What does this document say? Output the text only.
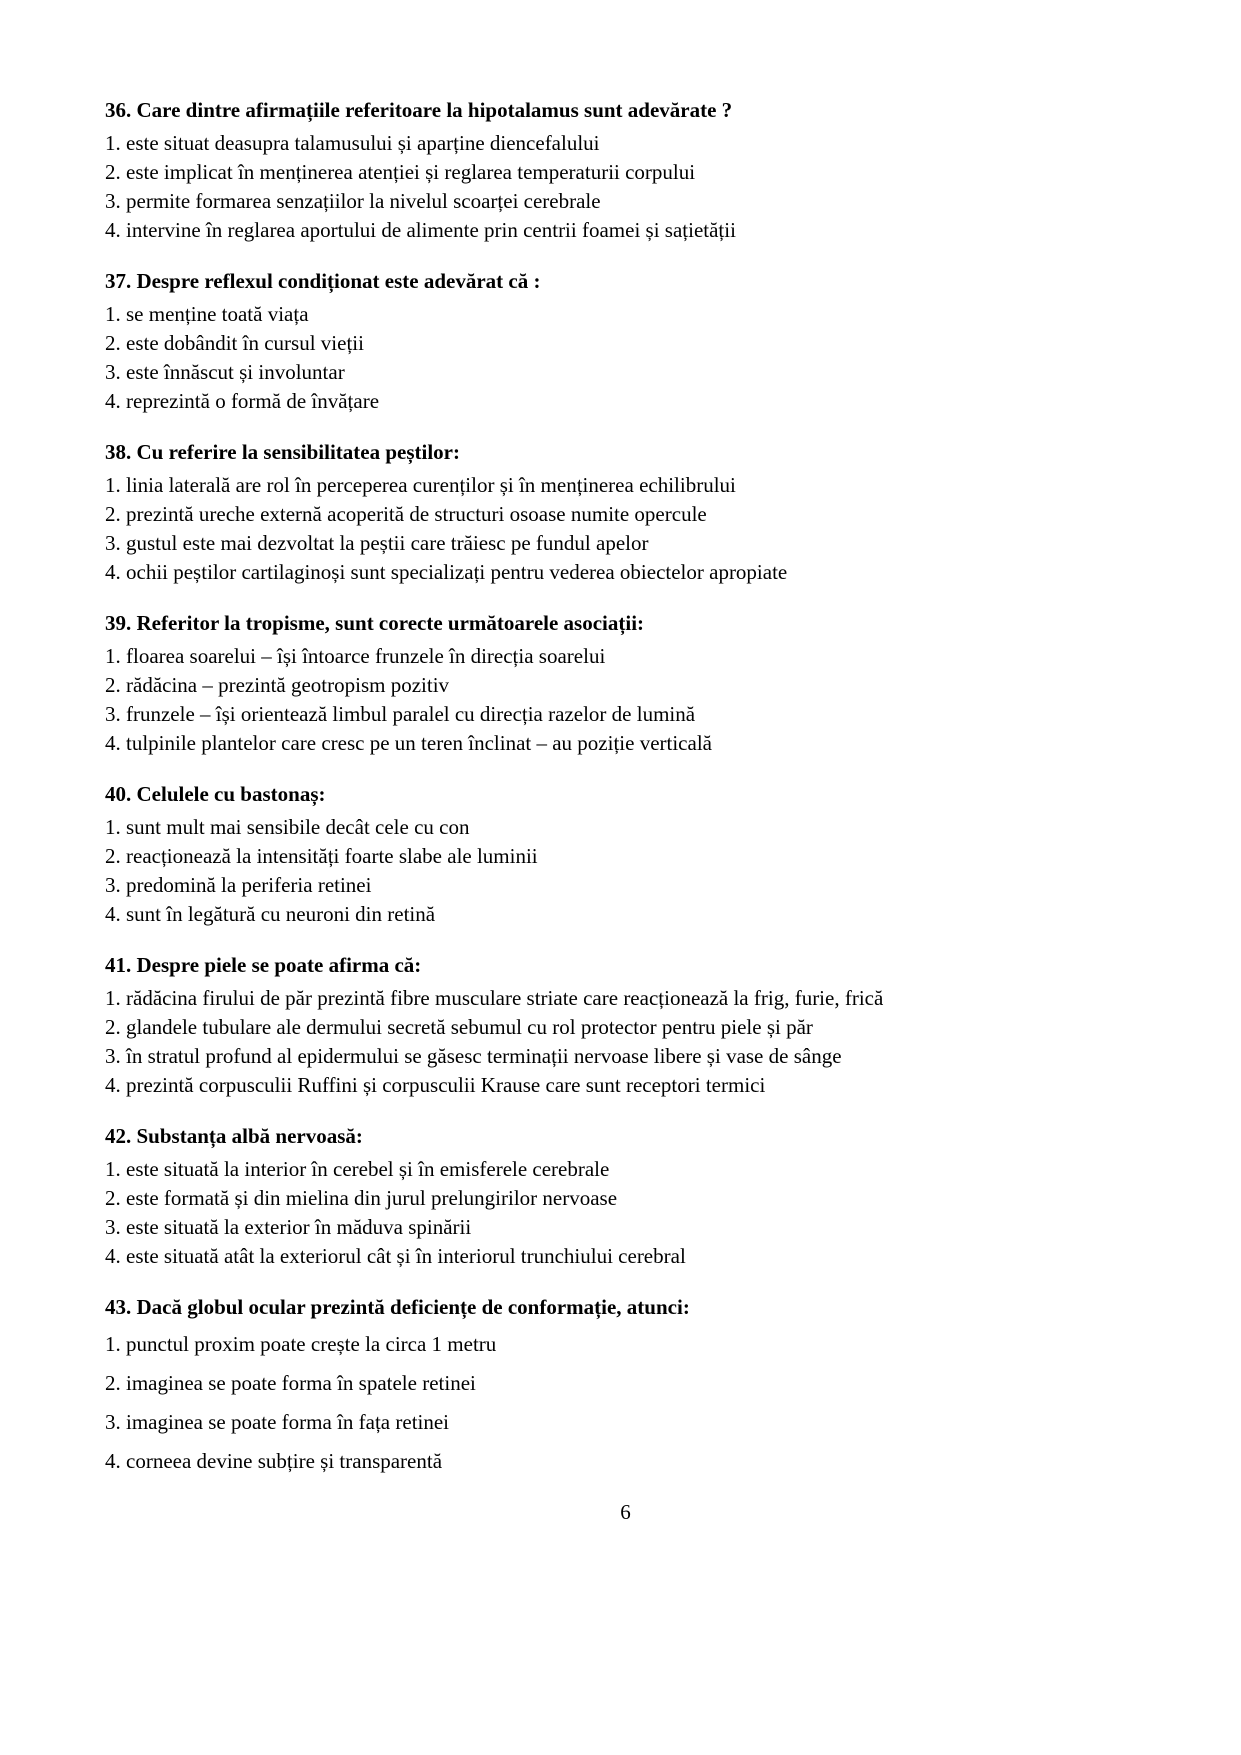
36. Care dintre afirmațiile referitoare la hipotalamus sunt adevărate ?

1. este situat deasupra talamusului și aparține diencefalului

2. este implicat în menținerea atenției și reglarea temperaturii corpului

3. permite formarea senzațiilor la nivelul scoarței cerebrale

4. intervine în reglarea aportului de alimente prin centrii foamei și sațietății

37. Despre reflexul condiționat este adevărat că :

1. se menține toată viața

2. este dobândit în cursul vieții

3. este înnăscut și involuntar

4. reprezintă o formă de învățare

38. Cu referire la sensibilitatea peștilor:

1. linia laterală are rol în perceperea curenților și în menținerea echilibrului

2. prezintă ureche externă acoperită de structuri osoase numite opercule

3. gustul este mai dezvoltat la peștii care trăiesc pe fundul apelor

4. ochii peștilor cartilaginoși sunt specializați pentru vederea obiectelor apropiate

39. Referitor la tropisme, sunt corecte următoarele asociații:

1. floarea soarelui – își întoarce frunzele în direcția soarelui

2. rădăcina – prezintă geotropism pozitiv

3. frunzele – își orientează limbul paralel cu direcția razelor de lumină

4. tulpinile plantelor care cresc pe un teren înclinat – au poziție verticală

40. Celulele cu bastonaș:

1. sunt mult mai sensibile decât cele cu con

2. reacționează la intensități foarte slabe ale luminii

3. predomină la periferia retinei

4. sunt în legătură cu neuroni din retină

41. Despre piele se poate afirma că:

1. rădăcina firului de păr prezintă fibre musculare striate care reacționează la frig, furie, frică

2. glandele tubulare ale dermului secretă sebumul cu rol protector pentru piele și păr

3. în stratul profund al epidermului se găsesc terminații nervoase libere și vase de sânge

4. prezintă corpusculii Ruffini și corpusculii Krause care sunt receptori termici

42. Substanța albă nervoasă:

1. este situată la interior în cerebel și în emisferele cerebrale

2. este formată și din mielina din jurul prelungirilor nervoase

3. este situată la exterior în măduva spinării

4. este situată atât la exteriorul cât și în interiorul trunchiului cerebral

43. Dacă globul ocular prezintă deficiențe de conformație, atunci:

1. punctul proxim poate crește la circa 1 metru

2. imaginea se poate forma în spatele retinei

3. imaginea se poate forma în fața retinei

4. corneea devine subțire și transparentă

6
